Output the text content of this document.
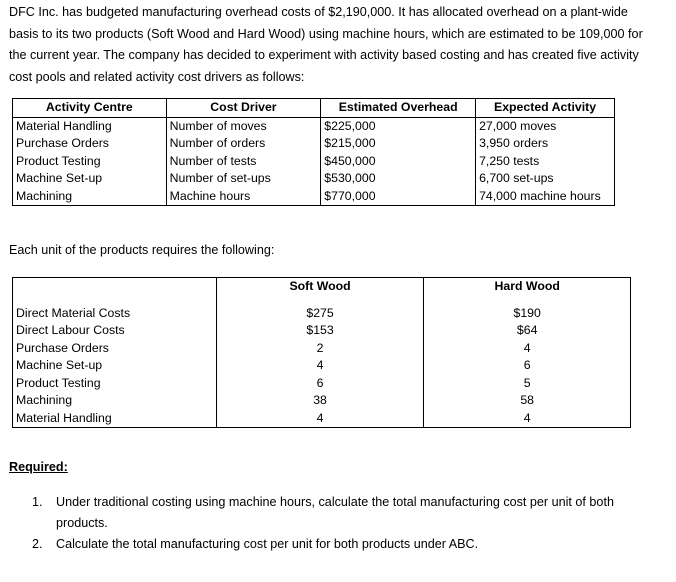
DFC Inc. has budgeted manufacturing overhead costs of $2,190,000. It has allocated overhead on a plant-wide basis to its two products (Soft Wood and Hard Wood) using machine hours, which are estimated to be 109,000 for the current year. The company has decided to experiment with activity based costing and has created five activity cost pools and related activity cost drivers as follows:
Activity Centre	Cost Driver	Estimated Overhead	Expected Activity
Material Handling	Number of moves	$225,000	27,000 moves
Purchase Orders	Number of orders	$215,000	3,950 orders
Product Testing	Number of tests	$450,000	7,250 tests
Machine Set-up	Number of set-ups	$530,000	6,700 set-ups
Machining	Machine hours	$770,000	74,000 machine hours
Each unit of the products requires the following:
	Soft Wood	Hard Wood

Direct Material Costs	$275	$190
Direct Labour Costs	$153	$64
Purchase Orders	2	4
Machine Set-up	4	6
Product Testing	6	5
Machining	38	58
Material Handling	4	4
Required:
1.	Under traditional costing using machine hours, calculate the total manufacturing cost per unit of both products.
2.	Calculate the total manufacturing cost per unit for both products under ABC.
